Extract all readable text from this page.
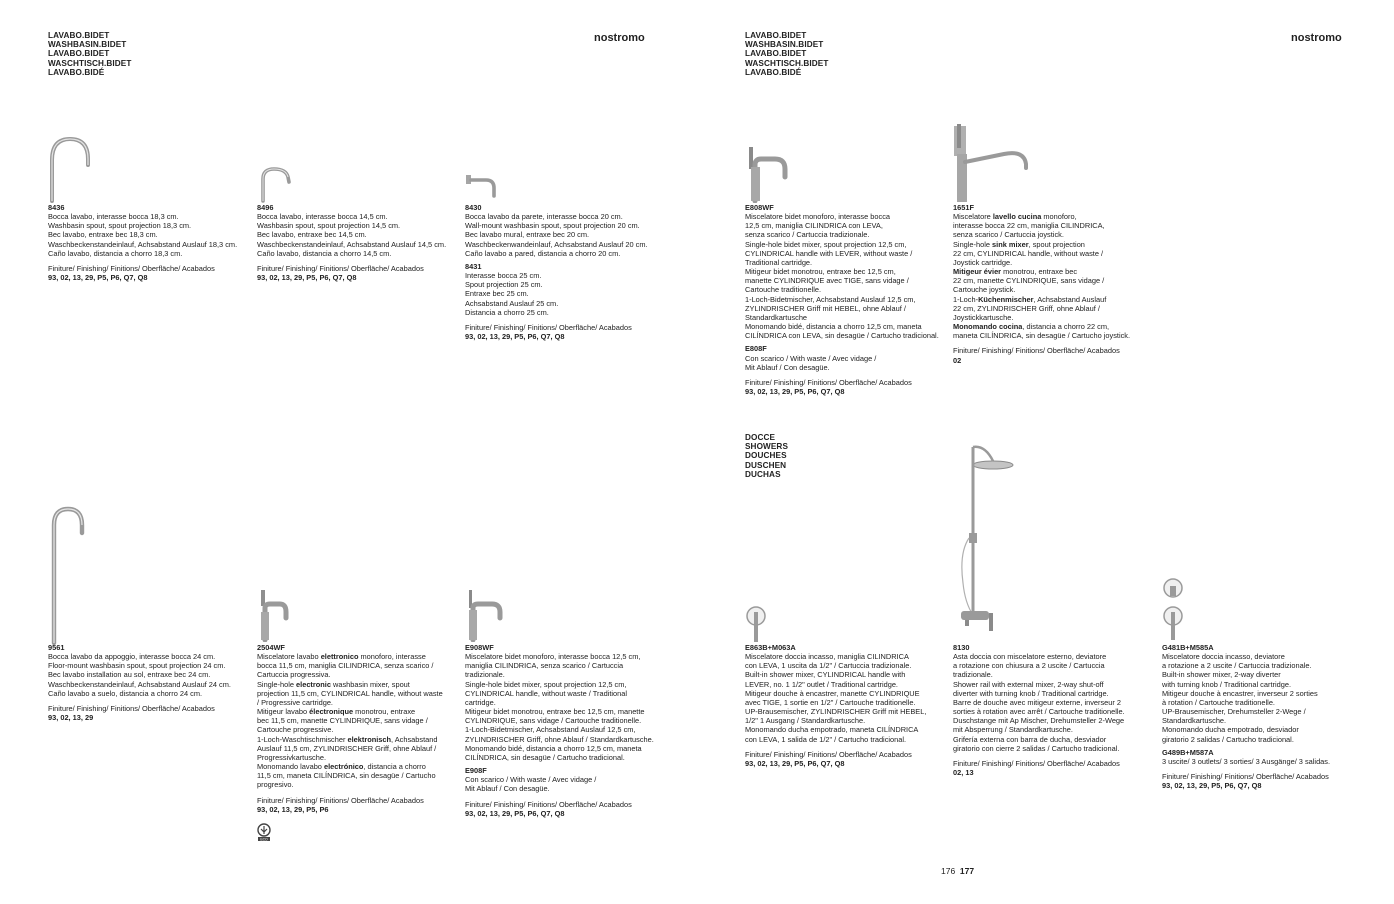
LAVABO.BIDET
WASHBASIN.BIDET
LAVABO.BIDET
WASCHTISCH.BIDET
LAVABO.BIDÉ
nostromo

8436

Bocca lavabo, interasse bocca 18,3 cm.

Washbasin spout, spout projection 18,3 cm.

Bec lavabo, entraxe bec 18,3 cm.

Waschbeckenstandeinlauf, Achsabstand Auslauf 18,3 cm.

Caño lavabo, distancia a chorro 18,3 cm.

Finiture/ Finishing/ Finitions/ Oberfläche/ Acabados

93, 02, 13, 29, P5, P6, Q7, Q8

8496

Bocca lavabo, interasse bocca 14,5 cm.

Washbasin spout, spout projection 14,5 cm.

Bec lavabo, entraxe bec 14,5 cm.

Waschbeckenstandeinlauf, Achsabstand Auslauf 14,5 cm.

Caño lavabo, distancia a chorro 14,5 cm.

Finiture/ Finishing/ Finitions/ Oberfläche/ Acabados

93, 02, 13, 29, P5, P6, Q7, Q8

8430

Bocca lavabo da parete, interasse bocca 20 cm.

Wall-mount washbasin spout, spout projection 20 cm.

Bec lavabo mural, entraxe bec 20 cm.

Waschbeckenwandeinlauf, Achsabstand Auslauf 20 cm.

Caño lavabo a pared, distancia a chorro 20 cm.

8431

Interasse bocca 25 cm.

Spout projection 25 cm.

Entraxe bec 25 cm.

Achsabstand Auslauf 25 cm.

Distancia a chorro 25 cm.

Finiture/ Finishing/ Finitions/ Oberfläche/ Acabados

93, 02, 13, 29, P5, P6, Q7, Q8

9561

Bocca lavabo da appoggio, interasse bocca 24 cm.

Floor-mount washbasin spout, spout projection 24 cm.

Bec lavabo installation au sol, entraxe bec 24 cm.

Waschbeckenstandeinlauf, Achsabstand Auslauf 24 cm.

Caño lavabo a suelo, distancia a chorro 24 cm.

Finiture/ Finishing/ Finitions/ Oberfläche/ Acabados

93, 02, 13, 29

2504WF

Miscelatore lavabo elettronico monoforo, interasse
bocca 11,5 cm, maniglia CILINDRICA, senza scarico /
Cartuccia progressiva.
Single-hole electronic washbasin mixer, spout
projection 11,5 cm, CYLINDRICAL handle, without waste
/ Progressive cartridge.
Mitigeur lavabo électronique monotrou, entraxe
bec 11,5 cm, manette CYLINDRIQUE, sans vidage /
Cartouche progressive.
1-Loch-Waschtischmischer elektronisch, Achsabstand
Auslauf 11,5 cm, ZYLINDRISCHER Griff, ohne Ablauf /
Progressivkartusche.
Monomando lavabo electrónico, distancia a chorro
11,5 cm, maneta CILÍNDRICA, sin desagüe / Cartucho
progresivo.

Finiture/ Finishing/ Finitions/ Oberfläche/ Acabados

93, 02, 13, 29, P5, P6

ECO

E908WF

Miscelatore bidet monoforo, interasse bocca 12,5 cm,

maniglia CILINDRICA, senza scarico / Cartuccia

tradizionale.

Single-hole bidet mixer, spout projection 12,5 cm,

CYLINDRICAL handle, without waste / Traditional

cartridge.

Mitigeur bidet monotrou, entraxe bec 12,5 cm, manette

CYLINDRIQUE, sans vidage / Cartouche traditionelle.

1-Loch-Bidetmischer, Achsabstand Auslauf 12,5 cm,

ZYLINDRISCHER Griff, ohne Ablauf / Standardkartusche.

Monomando bidé, distancia a chorro 12,5 cm, maneta

CILÍNDRICA, sin desagüe / Cartucho tradicional.

E908F

Con scarico / With waste / Avec vidage /

Mit Ablauf / Con desagüe.

Finiture/ Finishing/ Finitions/ Oberfläche/ Acabados

93, 02, 13, 29, P5, P6, Q7, Q8

LAVABO.BIDET
WASHBASIN.BIDET
LAVABO.BIDET
WASCHTISCH.BIDET
LAVABO.BIDÉ
nostromo

E808WF

Miscelatore bidet monoforo, interasse bocca

12,5 cm, maniglia CILINDRICA con LEVA,

senza scarico / Cartuccia tradizionale.

Single-hole bidet mixer, spout projection 12,5 cm,

CYLINDRICAL handle with LEVER, without waste /

Traditional cartridge.

Mitigeur bidet monotrou, entraxe bec 12,5 cm,

manette CYLINDRIQUE avec TIGE, sans vidage /

Cartouche traditionelle.

1-Loch-Bidetmischer, Achsabstand Auslauf 12,5 cm,

ZYLINDRISCHER Griff mit HEBEL, ohne Ablauf /

Standardkartusche

Monomando bidé, distancia a chorro 12,5 cm, maneta

CILÍNDRICA con LEVA, sin desagüe / Cartucho tradicional.

E808F

Con scarico / With waste / Avec vidage /

Mit Ablauf / Con desagüe.

Finiture/ Finishing/ Finitions/ Oberfläche/ Acabados

93, 02, 13, 29, P5, P6, Q7, Q8

1651F

Miscelatore lavello cucina monoforo,
interasse bocca 22 cm, maniglia CILINDRICA,
senza scarico / Cartuccia joystick.
Single-hole sink mixer, spout projection
22 cm, CYLINDRICAL handle, without waste /
Joystick cartridge.
Mitigeur évier monotrou, entraxe bec
22 cm, manette CYLINDRIQUE, sans vidage /
Cartouche joystick.
1-Loch-Küchenmischer, Achsabstand Auslauf
22 cm, ZYLINDRISCHER Griff, ohne Ablauf /
Joystickkartusche.
Monomando cocina, distancia a chorro 22 cm,
maneta CILÍNDRICA, sin desagüe / Cartucho joystick.

Finiture/ Finishing/ Finitions/ Oberfläche/ Acabados

02

DOCCE
SHOWERS
DOUCHES
DUSCHEN
DUCHAS

E863B+M063A

Miscelatore doccia incasso, maniglia CILINDRICA

con LEVA, 1 uscita da 1/2" / Cartuccia tradizionale.

Built-in shower mixer, CYLINDRICAL handle with

LEVER, no. 1 1/2" outlet / Traditional cartridge.

Mitigeur douche à encastrer, manette CYLINDRIQUE

avec TIGE, 1 sortie en 1/2" / Cartouche traditionelle.

UP-Brausemischer, ZYLINDRISCHER Griff mit HEBEL,

1/2" 1 Ausgang / Standardkartusche.

Monomando ducha empotrado, maneta CILÍNDRICA

con LEVA, 1 salida de 1/2" / Cartucho tradicional.

Finiture/ Finishing/ Finitions/ Oberfläche/ Acabados

93, 02, 13, 29, P5, P6, Q7, Q8

8130

Asta doccia con miscelatore esterno, deviatore

a rotazione con chiusura a 2 uscite / Cartuccia

tradizionale.

Shower rail with external mixer, 2-way shut-off

diverter with turning knob / Traditional cartridge.

Barre de douche avec mitigeur externe, inverseur 2

sorties à rotation avec arrêt / Cartouche traditionelle.

Duschstange mit Ap Mischer, Drehumsteller 2-Wege

mit Absperrung / Standardkartusche.

Grifería externa con barra de ducha, desviador

giratorio con cierre 2 salidas / Cartucho tradicional.

Finiture/ Finishing/ Finitions/ Oberfläche/ Acabados

02, 13

G481B+M585A

Miscelatore doccia incasso, deviatore

a rotazione a 2 uscite / Cartuccia tradizionale.

Built-in shower mixer, 2-way diverter

with turning knob / Traditional cartridge.

Mitigeur douche à encastrer, inverseur 2 sorties

à rotation / Cartouche traditionelle.

UP-Brausemischer, Drehumsteller 2-Wege /

Standardkartusche.

Monomando ducha empotrado, desviador

giratorio 2 salidas / Cartucho tradicional.

G489B+M587A

3 uscite/ 3 outlets/ 3 sorties/ 3 Ausgänge/ 3 salidas.

Finiture/ Finishing/ Finitions/ Oberfläche/ Acabados

93, 02, 13, 29, P5, P6, Q7, Q8

176 177
